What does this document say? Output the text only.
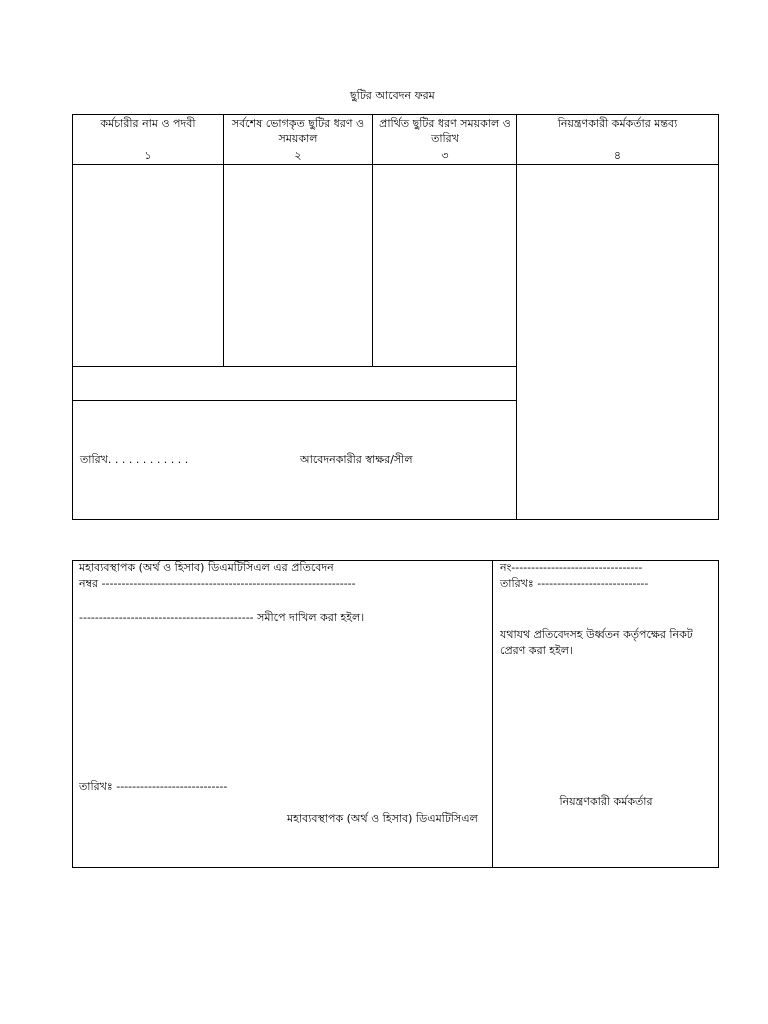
ছুটির আবেদন ফরম
কর্মচারীর নাম ও পদবী
১
সর্বশেষ ভোগকৃত ছুটির ধরণ ও সময়কাল
২
প্রার্থিত ছুটির ধরণ সময়কাল ও তারিখ
৩
নিয়ন্ত্রণকারী কর্মকর্তার মন্তব্য
৪
তারিখ. . . . . . . . . . . .	আবেদনকারীর স্বাক্ষর/সীল
মহাব্যবস্থাপক (অর্থ ও হিসাব) ডিএমটিসিএল এর প্রতিবেদন
নম্বর ----------------------------------------------------------------
-------------------------------------------- সমীপে দাখিল করা হইল।
তারিখঃ ----------------------------
মহাব্যবস্থাপক (অর্থ ও হিসাব) ডিএমটিসিএল
নং---------------------------------
তারিখঃ ----------------------------
যথাযথ প্রতিবেদসহ উর্ধ্বতন কর্তৃপক্ষের নিকট প্রেরণ করা হইল।
নিয়ন্ত্রণকারী কর্মকর্তার
